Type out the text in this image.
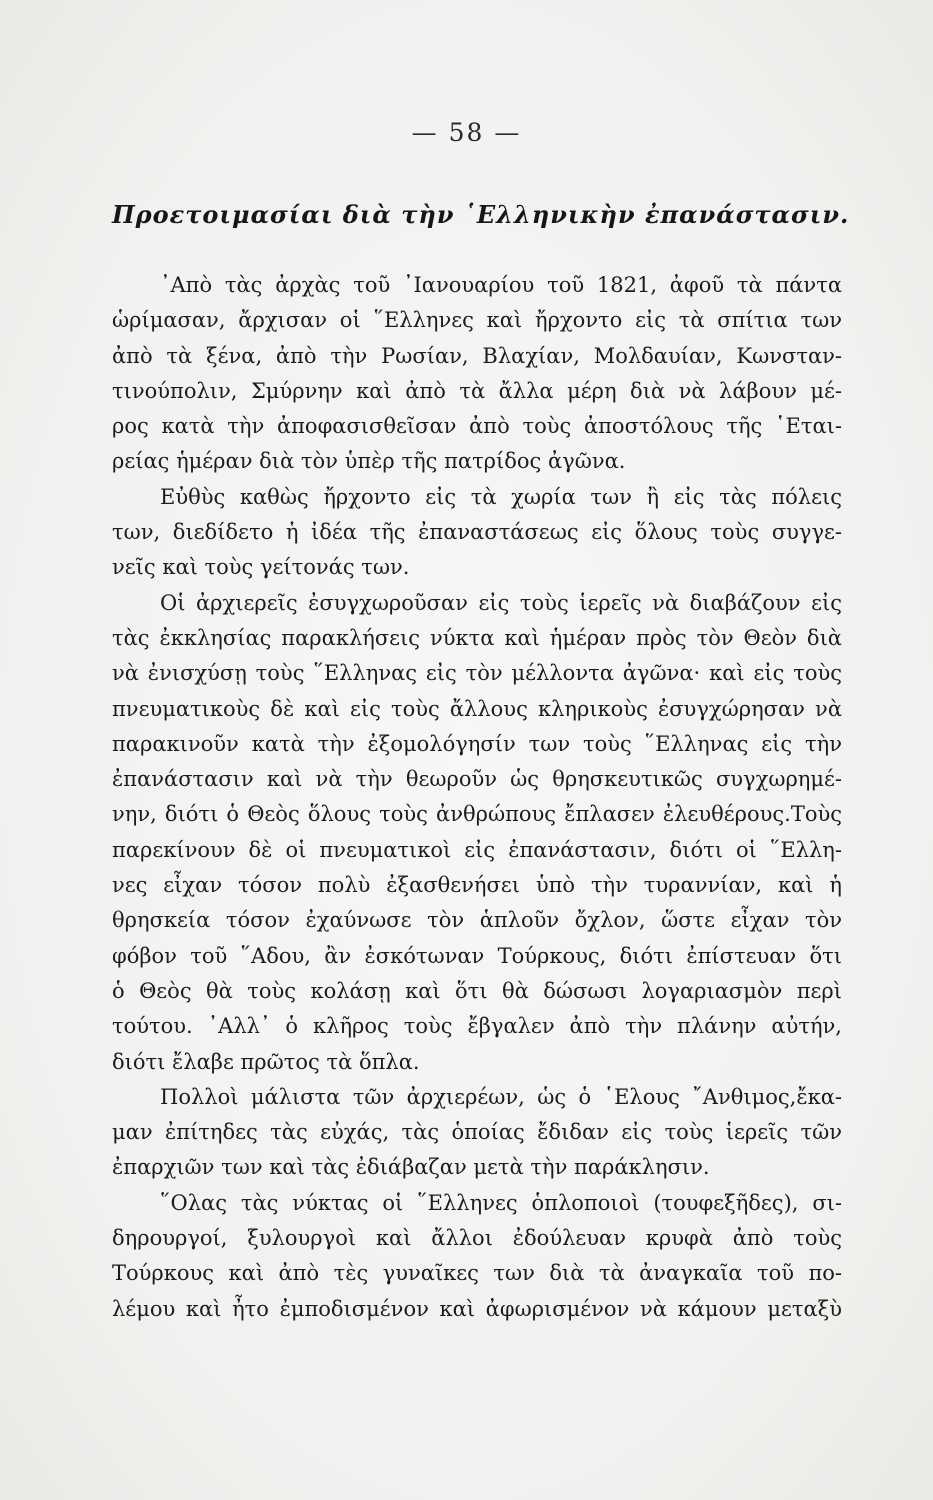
— 58 —
Προετοιμασίαι διὰ τὴν ῾Ελληνικὴν ἐπανάστασιν.
᾿Απὸ τὰς ἀρχὰς τοῦ ᾿Ιανουαρίου τοῦ 1821, ἀφοῦ τὰ πάντα
ὡρίμασαν, ἄρχισαν οἱ ῞Ελληνες καὶ ἤρχοντο εἰς τὰ σπίτια των
ἀπὸ τὰ ξένα, ἀπὸ τὴν Ρωσίαν, Βλαχίαν, Μολδαυίαν, Κωνσταν-
τινούπολιν, Σμύρνην καὶ ἀπὸ τὰ ἄλλα μέρη διὰ νὰ λάβουν μέ-
ρος κατὰ τὴν ἀποφασισθεῖσαν ἀπὸ τοὺς ἀποστόλους τῆς ῾Εται-
ρείας ἡμέραν διὰ τὸν ὑπὲρ τῆς πατρίδος ἀγῶνα.
Εὐθὺς καθὼς ἤρχοντο εἰς τὰ χωρία των ἢ εἰς τὰς πόλεις
των, διεδίδετο ἡ ἰδέα τῆς ἐπαναστάσεως εἰς ὅλους τοὺς συγγε-
νεῖς καὶ τοὺς γείτονάς των.
Οἱ ἀρχιερεῖς ἐσυγχωροῦσαν εἰς τοὺς ἱερεῖς νὰ διαβάζουν εἰς
τὰς ἐκκλησίας παρακλήσεις νύκτα καὶ ἡμέραν πρὸς τὸν Θεὸν διὰ
νὰ ἐνισχύσῃ τοὺς ῞Ελληνας εἰς τὸν μέλλοντα ἀγῶνα· καὶ εἰς τοὺς
πνευματικοὺς δὲ καὶ εἰς τοὺς ἄλλους κληρικοὺς ἐσυγχώρησαν νὰ
παρακινοῦν κατὰ τὴν ἐξομολόγησίν των τοὺς ῞Ελληνας εἰς τὴν
ἐπανάστασιν καὶ νὰ τὴν θεωροῦν ὡς θρησκευτικῶς συγχωρημέ-
νην, διότι ὁ Θεὸς ὅλους τοὺς ἀνθρώπους ἔπλασεν ἐλευθέρους.Τοὺς
παρεκίνουν δὲ οἱ πνευματικοὶ εἰς ἐπανάστασιν, διότι οἱ ῞Ελλη-
νες εἶχαν τόσον πολὺ ἐξασθενήσει ὑπὸ τὴν τυραννίαν, καὶ ἡ
θρησκεία τόσον ἐχαύνωσε τὸν ἁπλοῦν ὄχλον, ὥστε εἶχαν τὸν
φόβον τοῦ ῞Αδου, ἂν ἐσκότωναν Τούρκους, διότι ἐπίστευαν ὅτι
ὁ Θεὸς θὰ τοὺς κολάσῃ καὶ ὅτι θὰ δώσωσι λογαριασμὸν περὶ
τούτου. ᾿Αλλ᾿ ὁ κλῆρος τοὺς ἔβγαλεν ἀπὸ τὴν πλάνην αὐτήν,
διότι ἔλαβε πρῶτος τὰ ὅπλα.
Πολλοὶ μάλιστα τῶν ἀρχιερέων, ὡς ὁ ῾Ελους ῎Ανθιμος,ἔκα-
μαν ἐπίτηδες τὰς εὐχάς, τὰς ὁποίας ἔδιδαν εἰς τοὺς ἱερεῖς τῶν
ἐπαρχιῶν των καὶ τὰς ἐδιάβαζαν μετὰ τὴν παράκλησιν.
῞Ολας τὰς νύκτας οἱ ῞Ελληνες ὁπλοποιοὶ (τουφεξῆδες), σι-
δηρουργοί, ξυλουργοὶ καὶ ἄλλοι ἐδούλευαν κρυφὰ ἀπὸ τοὺς
Τούρκους καὶ ἀπὸ τὲς γυναῖκες των διὰ τὰ ἀναγκαῖα τοῦ πο-
λέμου καὶ ἦτο ἐμποδισμένον καὶ ἀφωρισμένον νὰ κάμουν μεταξὺ
